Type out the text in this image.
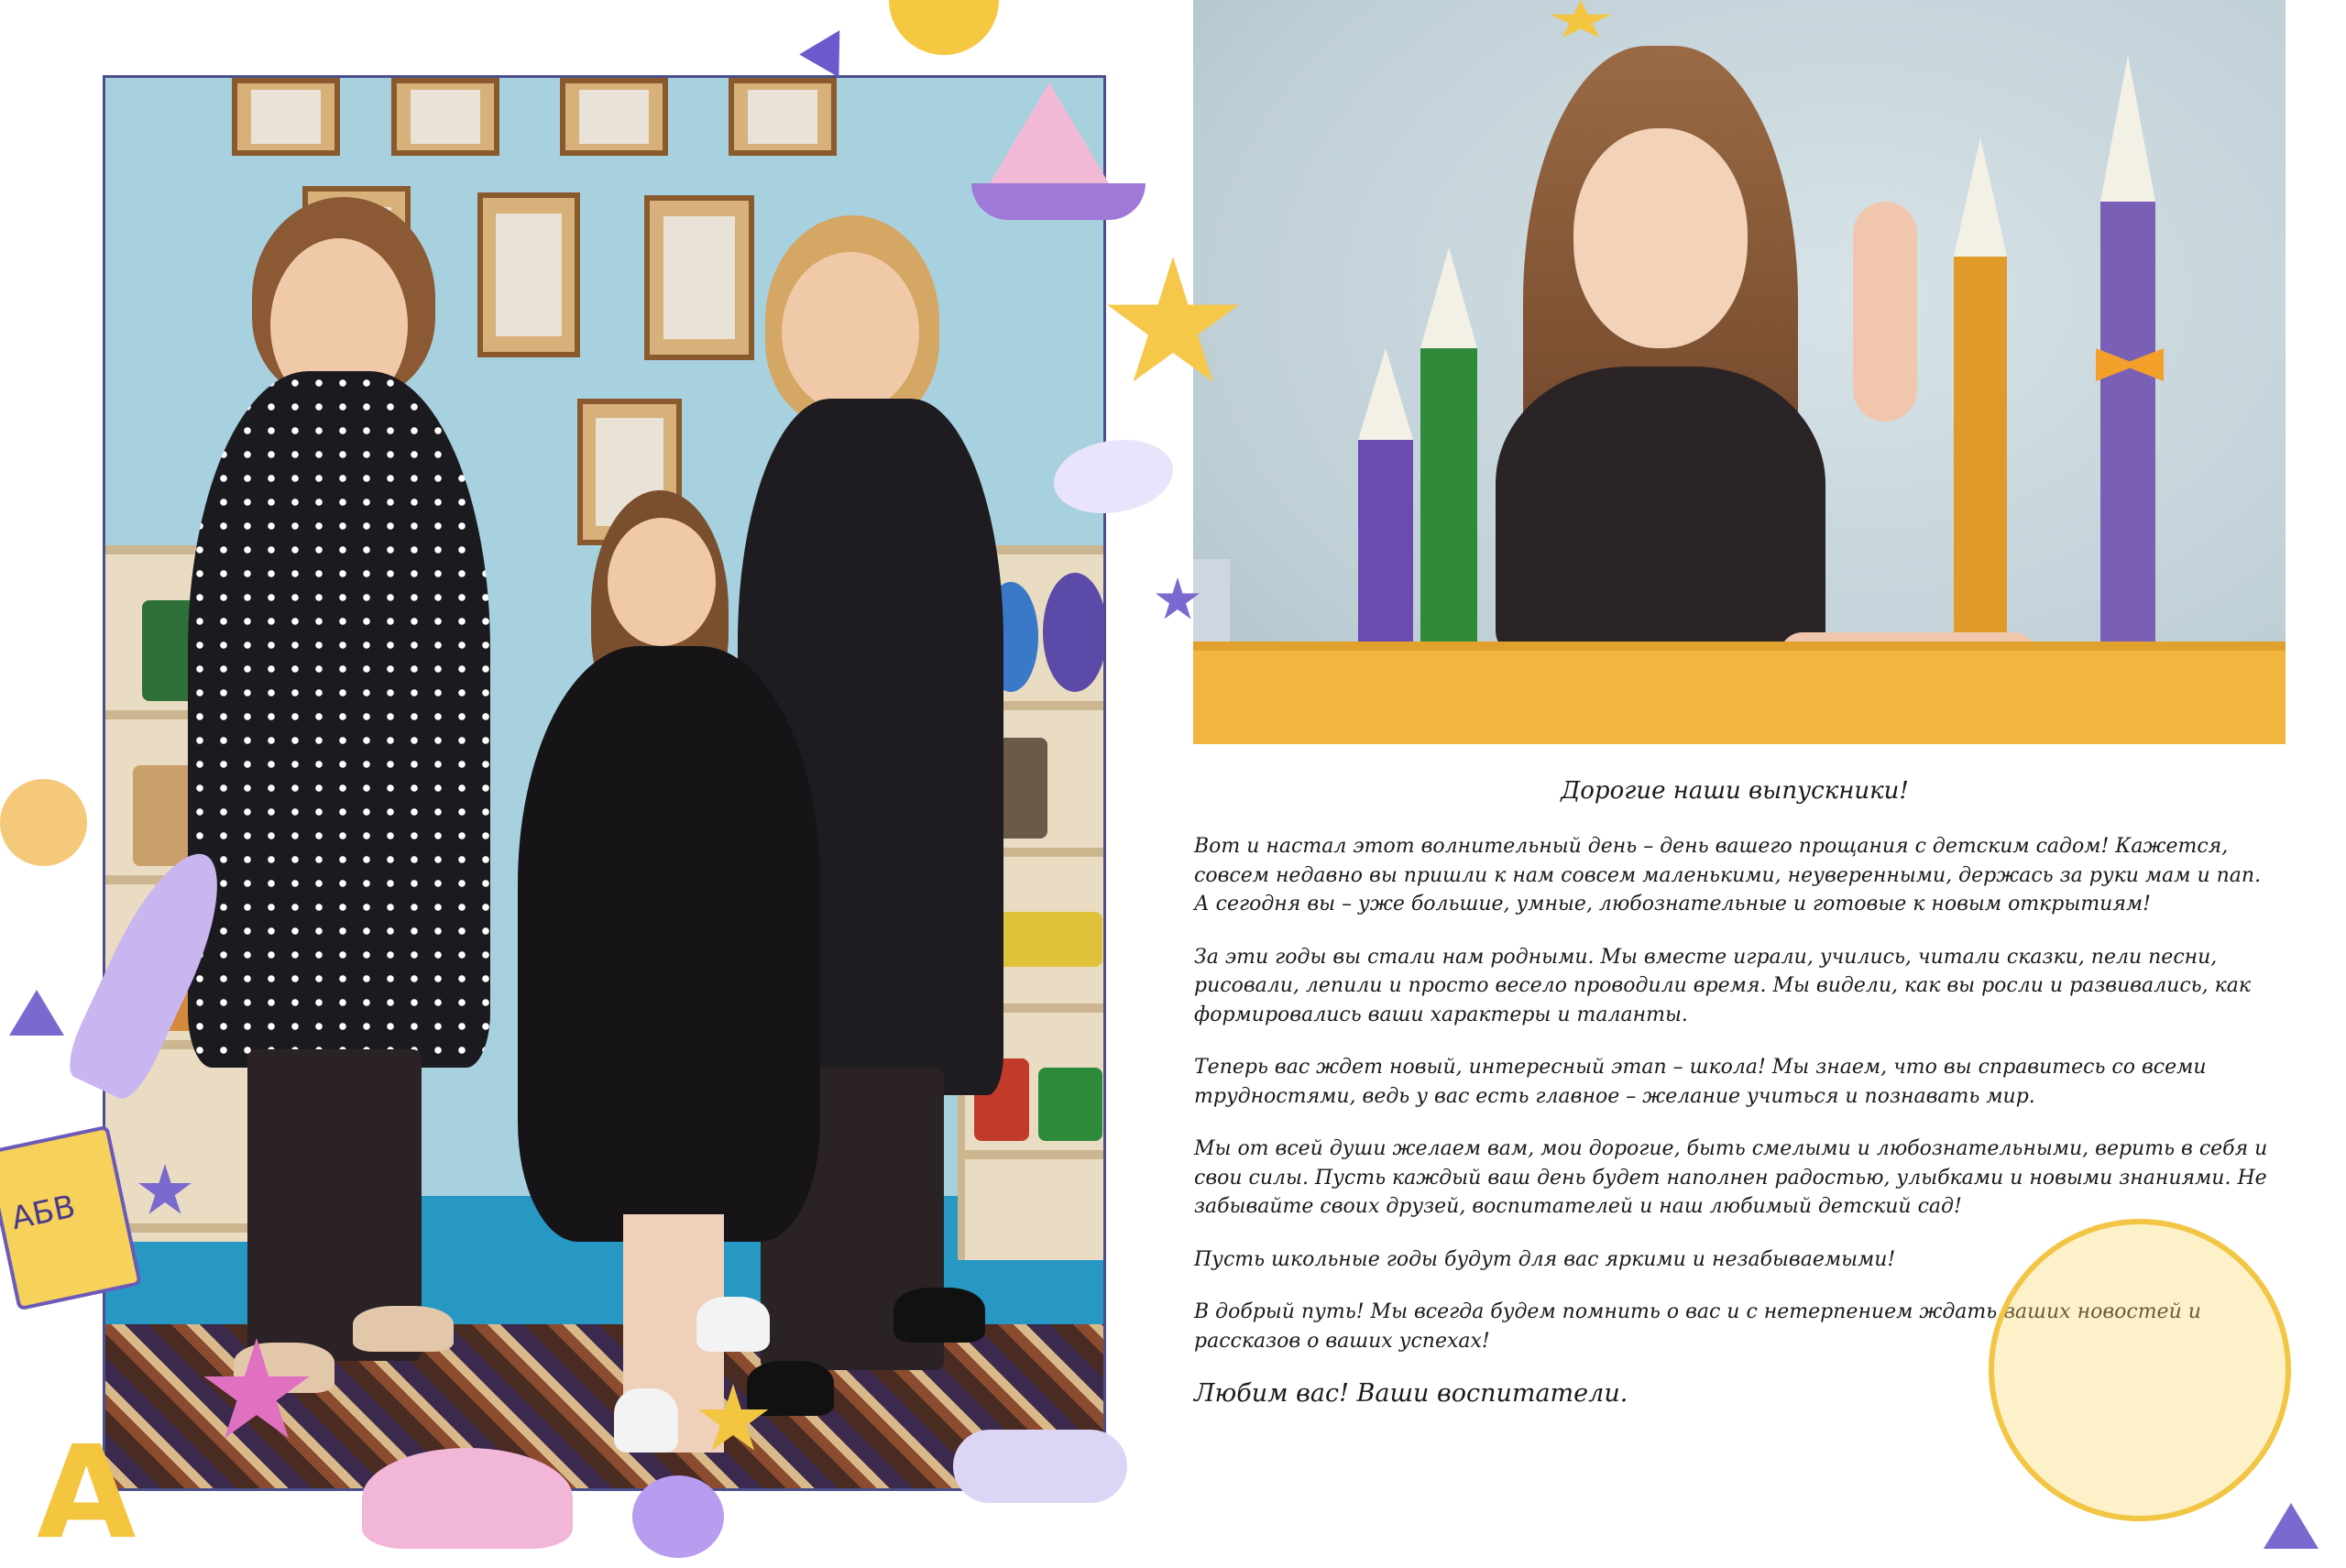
Дорогие наши выпускники!

Вот и настал этот волнительный день – день вашего прощания с детским садом! Кажется, совсем недавно вы пришли к нам совсем маленькими, неуверенными, держась за руки мам и пап. А сегодня вы – уже большие, умные, любознательные и готовые к новым открытиям!

За эти годы вы стали нам родными. Мы вместе играли, учились, читали сказки, пели песни, рисовали, лепили и просто весело проводили время. Мы видели, как вы росли и развивались, как формировались ваши характеры и таланты.

Теперь вас ждет новый, интересный этап – школа! Мы знаем, что вы справитесь со всеми трудностями, ведь у вас есть главное – желание учиться и познавать мир.

Мы от всей души желаем вам, мои дорогие, быть смелыми и любознательными, верить в себя и свои силы. Пусть каждый ваш день будет наполнен радостью, улыбками и новыми знаниями. Не забывайте своих друзей, воспитателей и наш любимый детский сад!

Пусть школьные годы будут для вас яркими и незабываемыми!

В добрый путь! Мы всегда будем помнить о вас и с нетерпением ждать ваших новостей и рассказов о ваших успехах!

Любим вас! Ваши воспитатели.
АБВ
А
